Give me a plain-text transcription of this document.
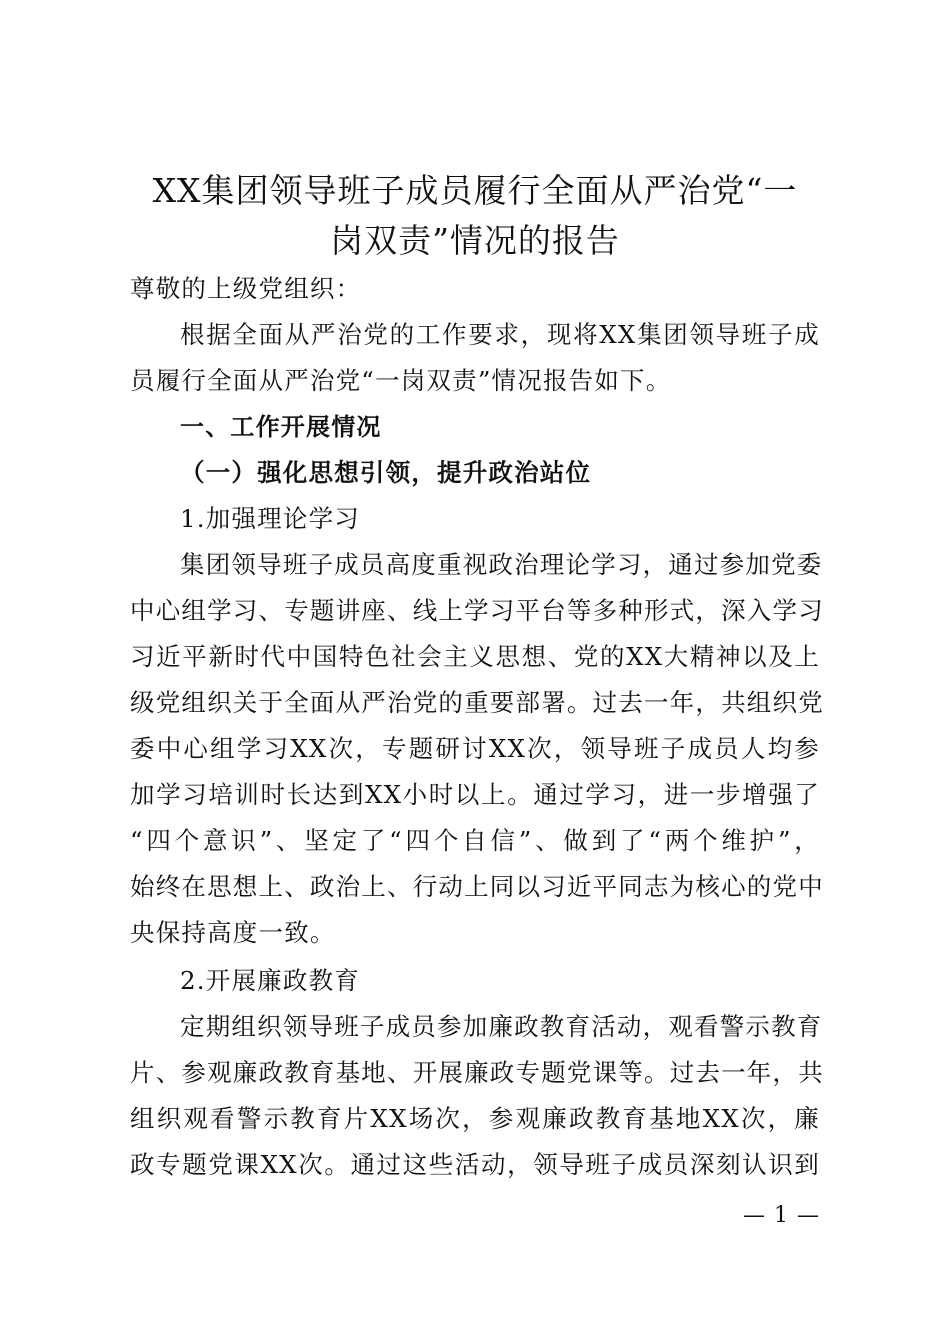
XX集团领导班子成员履行全面从严治党“一
岗双责”情况的报告
尊敬的上级党组织：
根据全面从严治党的工作要求，现将XX集团领导班子成
员履行全面从严治党“一岗双责”情况报告如下。
一、工作开展情况
（一）强化思想引领，提升政治站位
1.加强理论学习
集团领导班子成员高度重视政治理论学习，通过参加党委
中心组学习、专题讲座、线上学习平台等多种形式，深入学习
习近平新时代中国特色社会主义思想、党的XX大精神以及上
级党组织关于全面从严治党的重要部署。过去一年，共组织党
委中心组学习XX次，专题研讨XX次，领导班子成员人均参
加学习培训时长达到XX小时以上。通过学习，进一步增强了
“四个意识”、坚定了“四个自信”、做到了“两个维护”，
始终在思想上、政治上、行动上同以习近平同志为核心的党中
央保持高度一致。
2.开展廉政教育
定期组织领导班子成员参加廉政教育活动，观看警示教育
片、参观廉政教育基地、开展廉政专题党课等。过去一年，共
组织观看警示教育片XX场次，参观廉政教育基地XX次，廉
政专题党课XX次。通过这些活动，领导班子成员深刻认识到
— 1 —
